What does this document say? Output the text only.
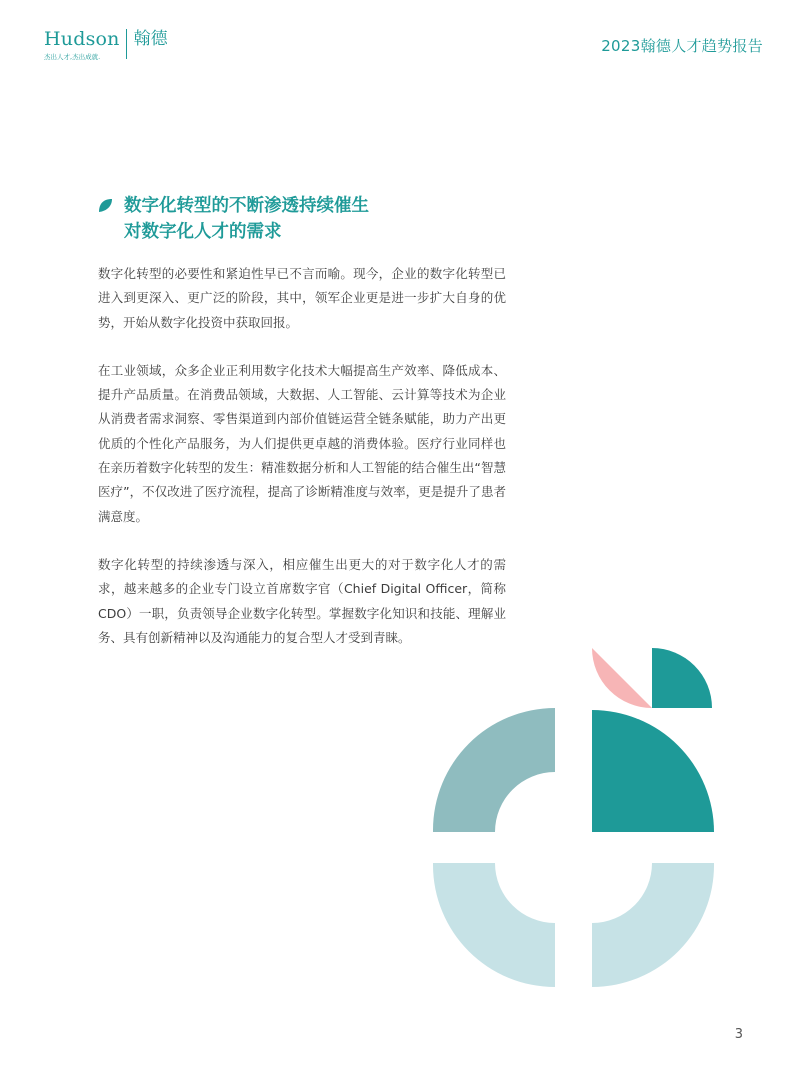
Hudson
杰出人才,杰出成就.
翰德	2023翰德人才趋势报告
数字化转型的不断渗透持续催生
对数字化人才的需求

数字化转型的必要性和紧迫性早已不言而喻。现今，企业的数字化转型已进入到更深入、更广泛的阶段，其中，领军企业更是进一步扩大自身的优势，开始从数字化投资中获取回报。

在工业领域，众多企业正利用数字化技术大幅提高生产效率、降低成本、提升产品质量。在消费品领域，大数据、人工智能、云计算等技术为企业从消费者需求洞察、零售渠道到内部价值链运营全链条赋能，助力产出更优质的个性化产品服务，为人们提供更卓越的消费体验。医疗行业同样也在亲历着数字化转型的发生：精准数据分析和人工智能的结合催生出“智慧医疗”，不仅改进了医疗流程，提高了诊断精准度与效率，更是提升了患者满意度。

数字化转型的持续渗透与深入，相应催生出更大的对于数字化人才的需求，越来越多的企业专门设立首席数字官（Chief Digital Officer，简称CDO）一职，负责领导企业数字化转型。掌握数字化知识和技能、理解业务、具有创新精神以及沟通能力的复合型人才受到青睐。

3
